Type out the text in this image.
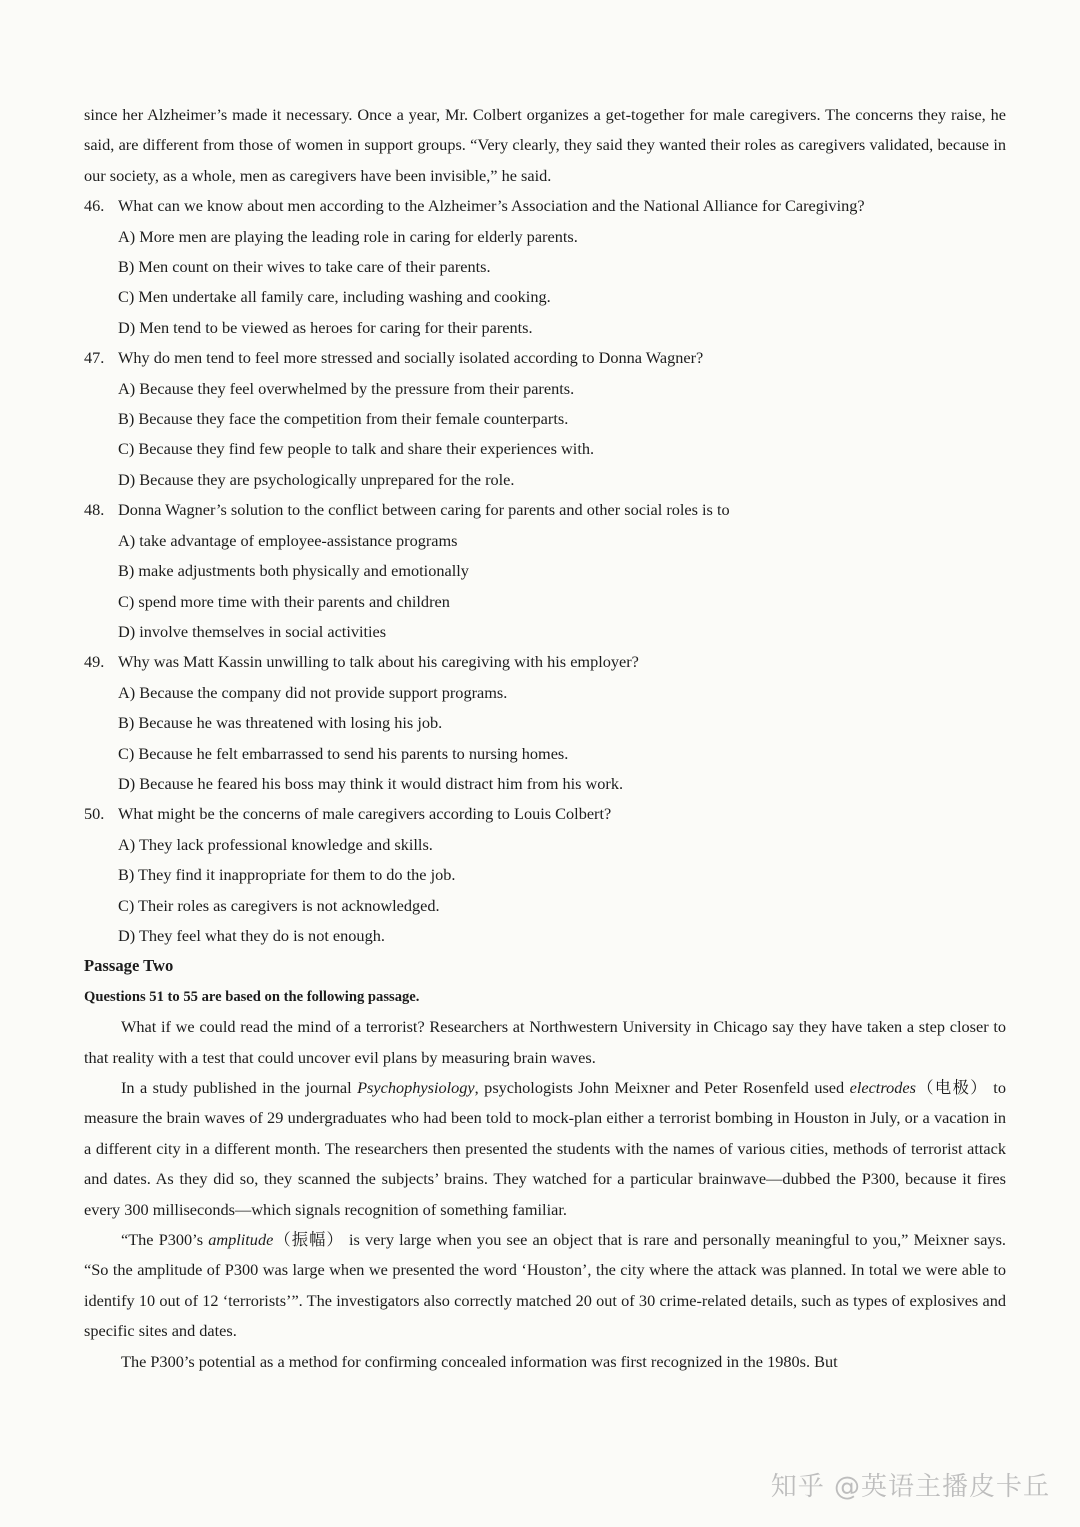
since her Alzheimer’s made it necessary. Once a year, Mr. Colbert organizes a get-together for male caregivers. The concerns they raise, he said, are different from those of women in support groups. “Very clearly, they said they wanted their roles as caregivers validated, because in our society, as a whole, men as caregivers have been invisible,” he said.

46. What can we know about men according to the Alzheimer’s Association and the National Alliance for Caregiving?

A) More men are playing the leading role in caring for elderly parents.

B) Men count on their wives to take care of their parents.

C) Men undertake all family care, including washing and cooking.

D) Men tend to be viewed as heroes for caring for their parents.

47. Why do men tend to feel more stressed and socially isolated according to Donna Wagner?

A) Because they feel overwhelmed by the pressure from their parents.

B) Because they face the competition from their female counterparts.

C) Because they find few people to talk and share their experiences with.

D) Because they are psychologically unprepared for the role.

48. Donna Wagner’s solution to the conflict between caring for parents and other social roles is to

A) take advantage of employee-assistance programs

B) make adjustments both physically and emotionally

C) spend more time with their parents and children

D) involve themselves in social activities

49. Why was Matt Kassin unwilling to talk about his caregiving with his employer?

A) Because the company did not provide support programs.

B) Because he was threatened with losing his job.

C) Because he felt embarrassed to send his parents to nursing homes.

D) Because he feared his boss may think it would distract him from his work.

50. What might be the concerns of male caregivers according to Louis Colbert?

A) They lack professional knowledge and skills.

B) They find it inappropriate for them to do the job.

C) Their roles as caregivers is not acknowledged.

D) They feel what they do is not enough.

Passage Two

Questions 51 to 55 are based on the following passage.

What if we could read the mind of a terrorist? Researchers at Northwestern University in Chicago say they have taken a step closer to that reality with a test that could uncover evil plans by measuring brain waves.

In a study published in the journal Psychophysiology, psychologists John Meixner and Peter Rosenfeld used electrodes（电极） to measure the brain waves of 29 undergraduates who had been told to mock-plan either a terrorist bombing in Houston in July, or a vacation in a different city in a different month. The researchers then presented the students with the names of various cities, methods of terrorist attack and dates. As they did so, they scanned the subjects’ brains. They watched for a particular brainwave—dubbed the P300, because it fires every 300 milliseconds—which signals recognition of something familiar.

“The P300’s amplitude（振幅） is very large when you see an object that is rare and personally meaningful to you,” Meixner says. “So the amplitude of P300 was large when we presented the word ‘Houston’, the city where the attack was planned. In total we were able to identify 10 out of 12 ‘terrorists’”. The investigators also correctly matched 20 out of 30 crime-related details, such as types of explosives and specific sites and dates.

The P300’s potential as a method for confirming concealed information was first recognized in the 1980s. But

知乎 @英语主播皮卡丘
